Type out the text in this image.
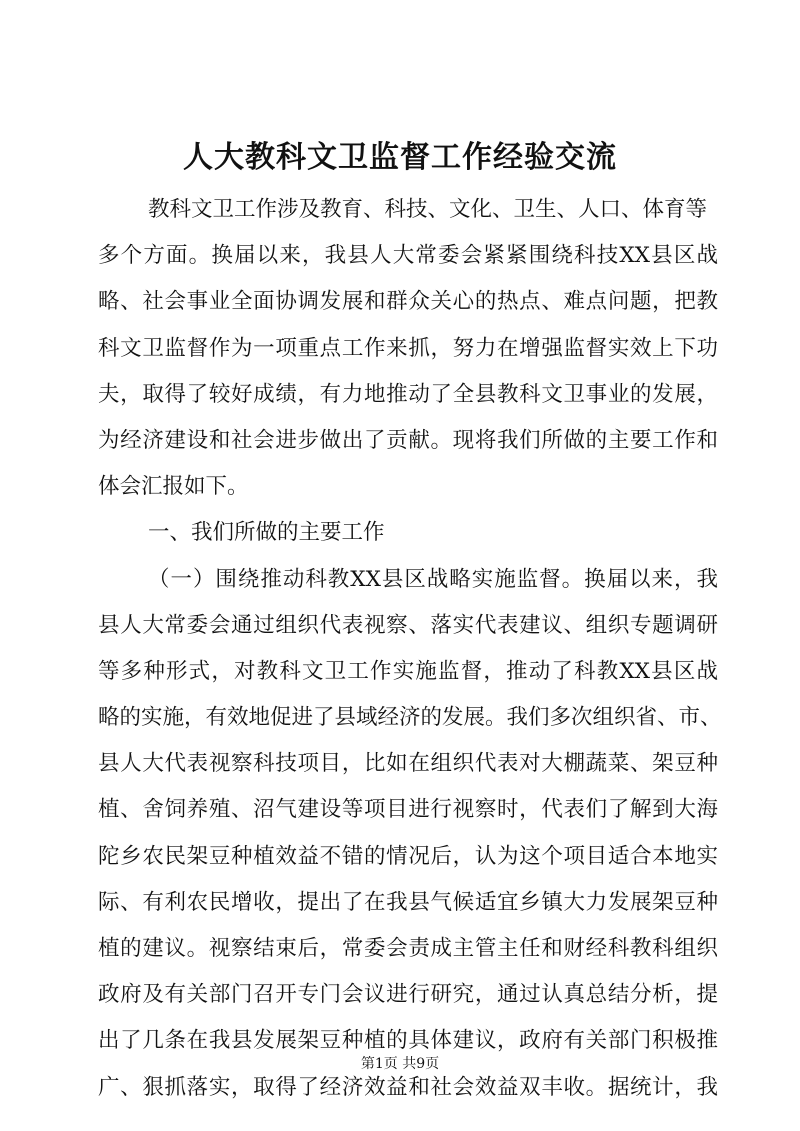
人大教科文卫监督工作经验交流
教科文卫工作涉及教育、科技、文化、卫生、人口、体育等
多个方面。换届以来，我县人大常委会紧紧围绕科技XX县区战
略、社会事业全面协调发展和群众关心的热点、难点问题，把教
科文卫监督作为一项重点工作来抓，努力在增强监督实效上下功
夫，取得了较好成绩，有力地推动了全县教科文卫事业的发展，
为经济建设和社会进步做出了贡献。现将我们所做的主要工作和
体会汇报如下。
一、我们所做的主要工作
（一）围绕推动科教XX县区战略实施监督。换届以来，我
县人大常委会通过组织代表视察、落实代表建议、组织专题调研
等多种形式，对教科文卫工作实施监督，推动了科教XX县区战
略的实施，有效地促进了县域经济的发展。我们多次组织省、市、
县人大代表视察科技项目，比如在组织代表对大棚蔬菜、架豆种
植、舍饲养殖、沼气建设等项目进行视察时，代表们了解到大海
陀乡农民架豆种植效益不错的情况后，认为这个项目适合本地实
际、有利农民增收，提出了在我县气候适宜乡镇大力发展架豆种
植的建议。视察结束后，常委会责成主管主任和财经科教科组织
政府及有关部门召开专门会议进行研究，通过认真总结分析，提
出了几条在我县发展架豆种植的具体建议，政府有关部门积极推
广、狠抓落实，取得了经济效益和社会效益双丰收。据统计，我
第1页 共9页
